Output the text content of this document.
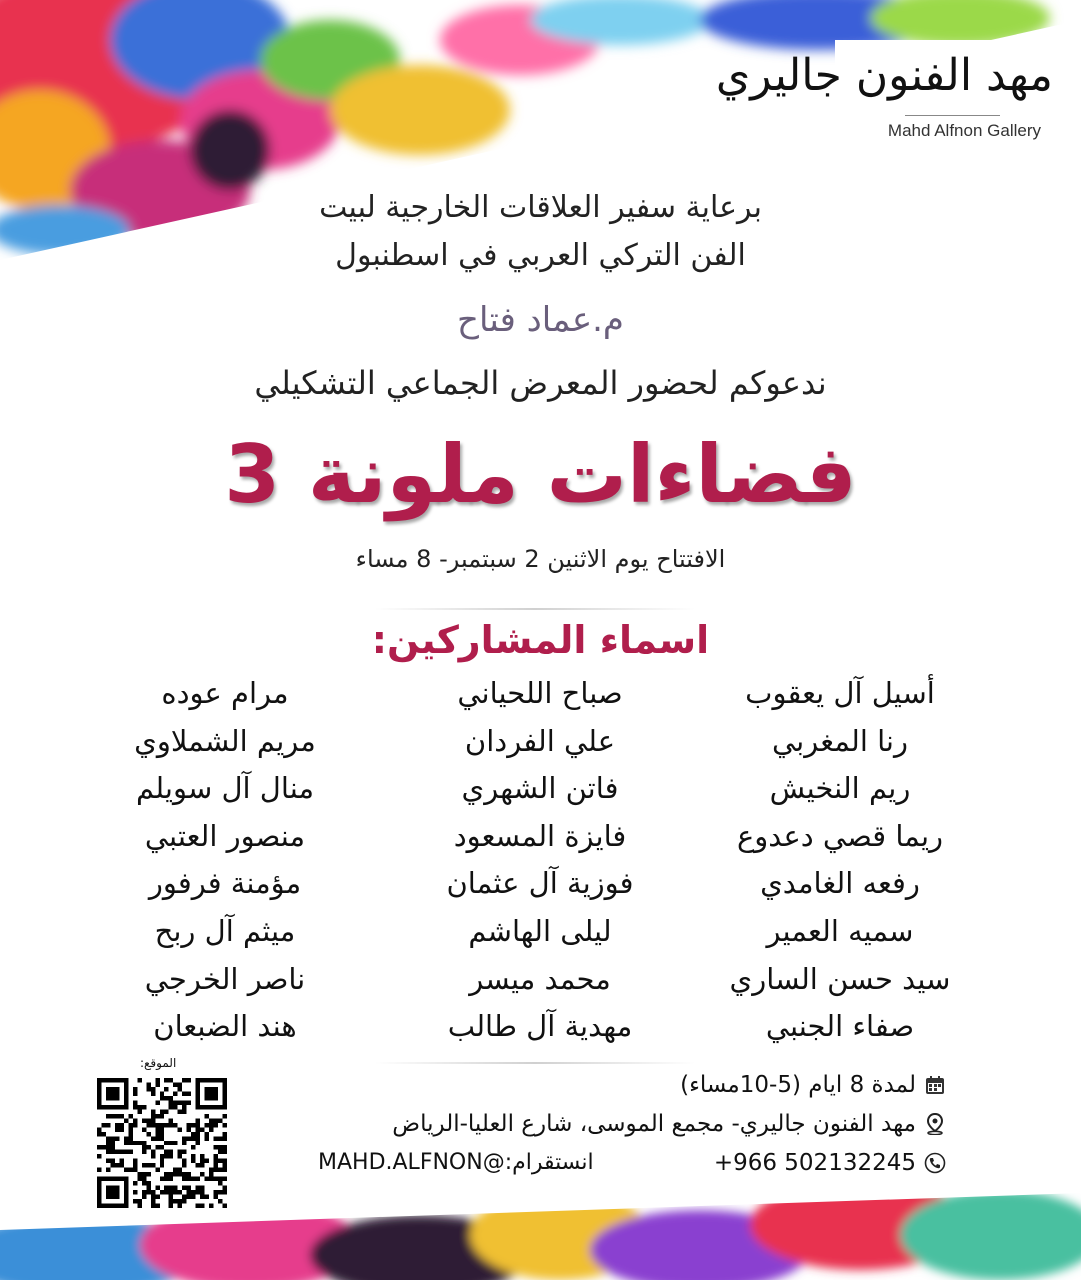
مهد الفنون جاليري
Mahd Alfnon Gallery
برعاية سفير العلاقات الخارجية لبيت
الفن التركي العربي في اسطنبول
م.عماد فتاح
ندعوكم لحضور المعرض الجماعي التشكيلي
فضاءات ملونة 3
الافتتاح يوم الاثنين 2 سبتمبر- 8 مساء
اسماء المشاركين:
أسيل آل يعقوب
رنا المغربي
ريم النخيش
ريما قصي دعدوع
رفعه الغامدي
سميه العمير
سيد حسن الساري
صفاء الجنبي
صباح اللحياني
علي الفردان
فاتن الشهري
فايزة المسعود
فوزية آل عثمان
ليلى الهاشم
محمد ميسر
مهدية آل طالب
مرام عوده
مريم الشملاوي
منال آل سويلم
منصور العتبي
مؤمنة فرفور
ميثم آل ربح
ناصر الخرجي
هند الضبعان
لمدة 8 ايام (5-10مساء)
مهد الفنون جاليري- مجمع الموسى، شارع العليا-الرياض
+966 502132245
انستقرام:@MAHD.ALFNON
الموقع:
